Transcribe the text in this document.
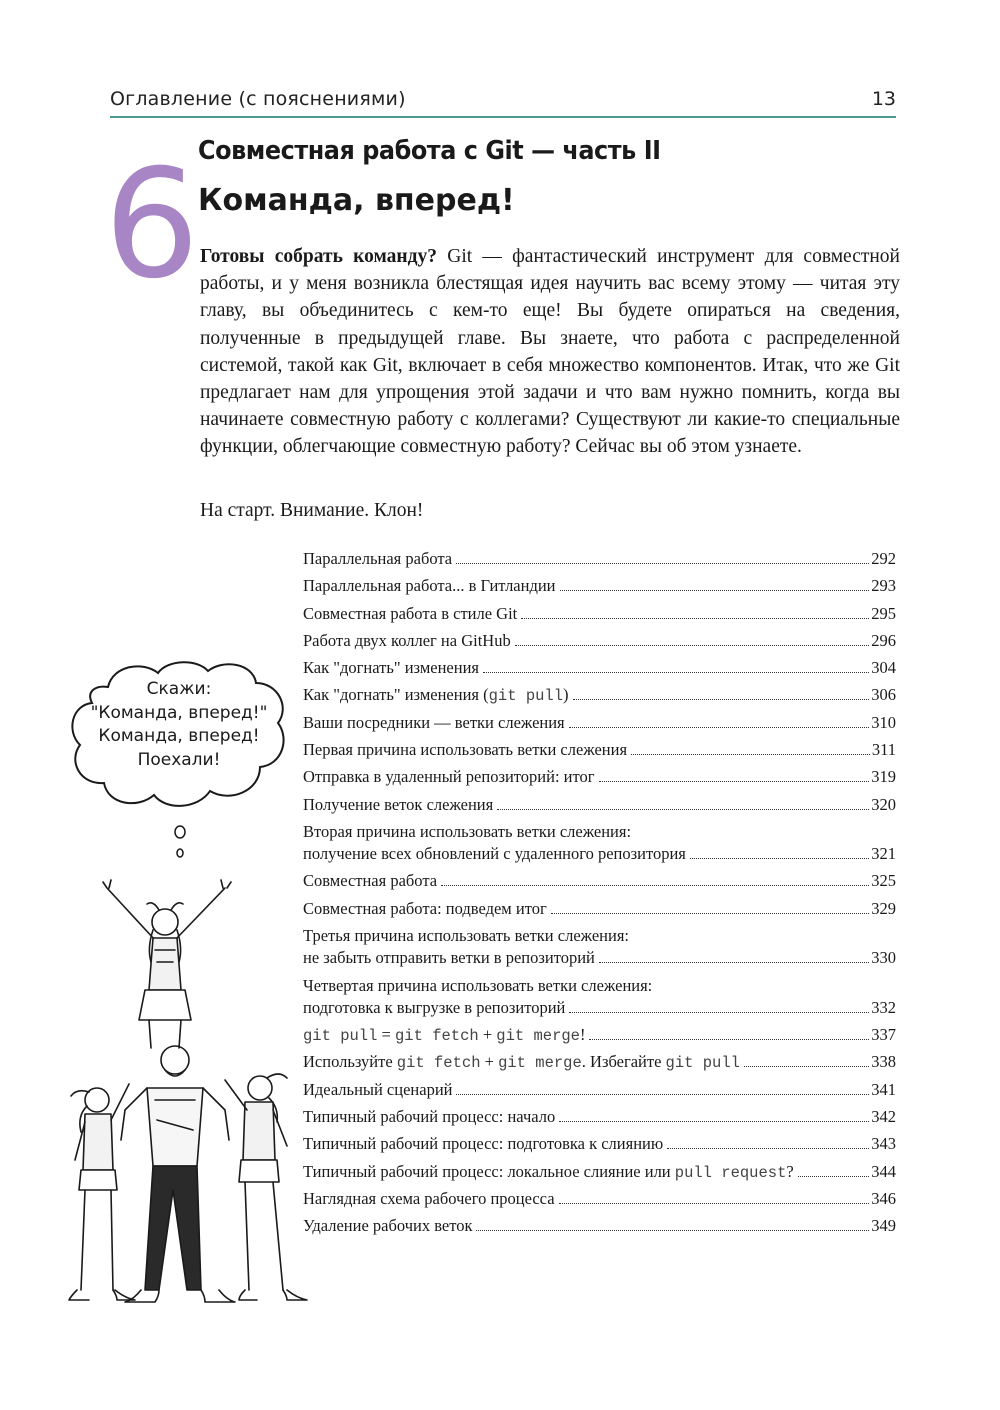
Оглавление (с пояснениями)	13
6
Совместная работа с Git — часть II
Команда, вперед!

Готовы собрать команду? Git — фантастический инструмент для совместной работы, и у меня возникла блестящая идея научить вас всему этому — читая эту главу, вы объединитесь с кем-то еще! Вы будете опираться на сведения, полученные в предыдущей главе. Вы знаете, что работа с распределенной системой, такой как Git, включает в себя множество компонентов. Итак, что же Git предлагает нам для упрощения этой задачи и что вам нужно помнить, когда вы начинаете совместную работу с коллегами? Существуют ли какие-то специальные функции, облегчающие совместную работу? Сейчас вы об этом узнаете.

На старт. Внимание. Клон!

Скажи:
"Команда, вперед!"
Команда, вперед!
Поехали!
Параллельная работа	292
Параллельная работа... в Гитландии	293
Совместная работа в стиле Git	295
Работа двух коллег на GitHub	296
Как "догнать" изменения	304
Как "догнать" изменения (git pull)	306
Ваши посредники — ветки слежения	310
Первая причина использовать ветки слежения	311
Отправка в удаленный репозиторий: итог	319
Получение веток слежения	320
Вторая причина использовать ветки слежения:
получение всех обновлений с удаленного репозитория	321
Совместная работа	325
Совместная работа: подведем итог	329
Третья причина использовать ветки слежения:
не забыть отправить ветки в репозиторий	330
Четвертая причина использовать ветки слежения:
подготовка к выгрузке в репозиторий	332
git pull = git fetch + git merge!	337
Используйте git fetch + git merge. Избегайте git pull	338
Идеальный сценарий	341
Типичный рабочий процесс: начало	342
Типичный рабочий процесс: подготовка к слиянию	343
Типичный рабочий процесс: локальное слияние или pull request?	344
Наглядная схема рабочего процесса	346
Удаление рабочих веток	349
